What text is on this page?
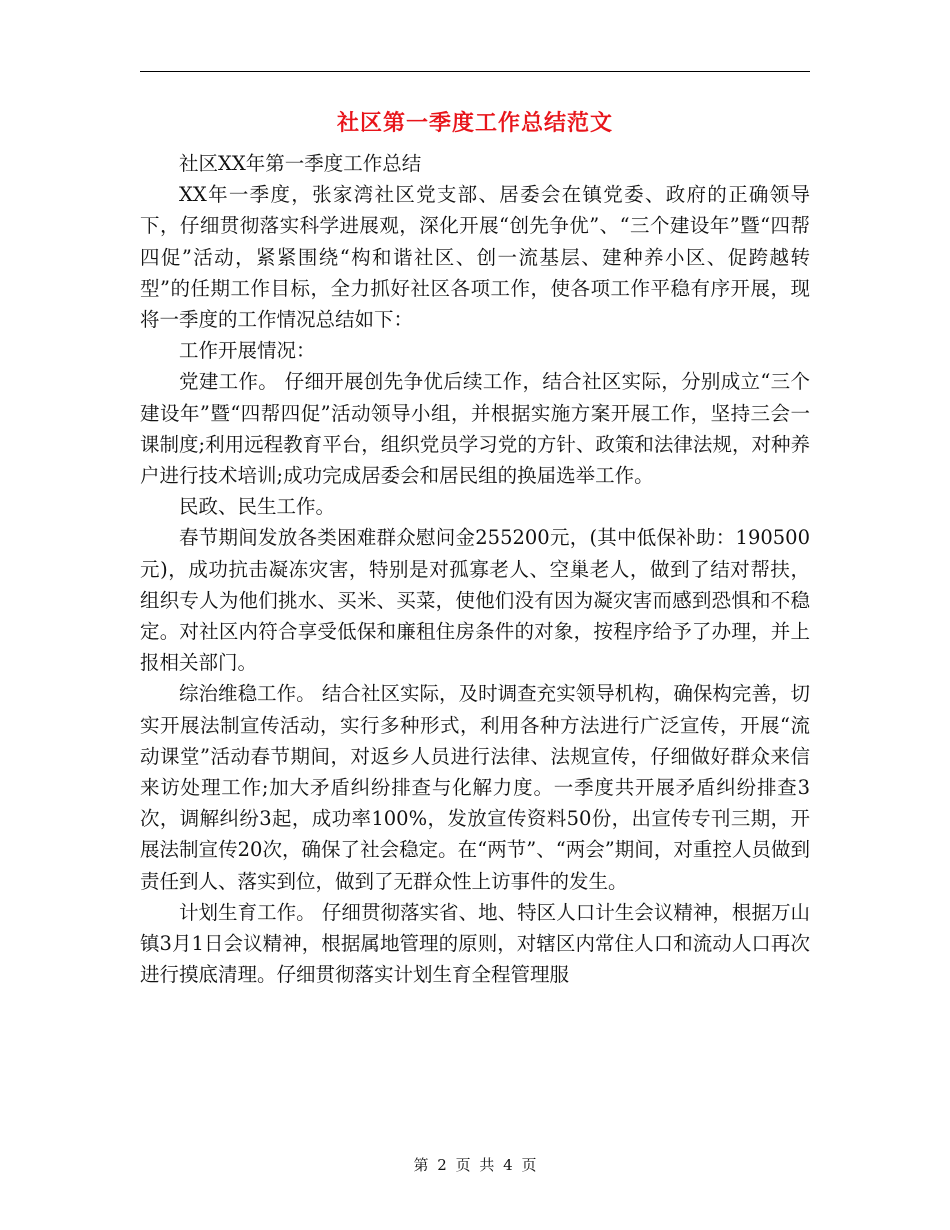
社区第一季度工作总结范文

社区XX年第一季度工作总结

XX年一季度，张家湾社区党支部、居委会在镇党委、政府的正确领导下，仔细贯彻落实科学进展观，深化开展“创先争优”、“三个建设年”暨“四帮四促”活动，紧紧围绕“构和谐社区、创一流基层、建种养小区、促跨越转型”的任期工作目标，全力抓好社区各项工作，使各项工作平稳有序开展，现将一季度的工作情况总结如下：

工作开展情况：

党建工作。 仔细开展创先争优后续工作，结合社区实际，分别成立“三个建设年”暨“四帮四促”活动领导小组，并根据实施方案开展工作，坚持三会一课制度;利用远程教育平台，组织党员学习党的方针、政策和法律法规，对种养户进行技术培训;成功完成居委会和居民组的换届选举工作。

民政、民生工作。

春节期间发放各类困难群众慰问金255200元，(其中低保补助：190500元)，成功抗击凝冻灾害，特别是对孤寡老人、空巢老人，做到了结对帮扶，组织专人为他们挑水、买米、买菜，使他们没有因为凝灾害而感到恐惧和不稳定。对社区内符合享受低保和廉租住房条件的对象，按程序给予了办理，并上报相关部门。

综治维稳工作。 结合社区实际，及时调查充实领导机构，确保构完善，切实开展法制宣传活动，实行多种形式，利用各种方法进行广泛宣传，开展“流动课堂”活动春节期间，对返乡人员进行法律、法规宣传，仔细做好群众来信来访处理工作;加大矛盾纠纷排查与化解力度。一季度共开展矛盾纠纷排查3次，调解纠纷3起，成功率100%，发放宣传资料50份，出宣传专刊三期，开展法制宣传20次，确保了社会稳定。在“两节”、“两会”期间，对重控人员做到责任到人、落实到位，做到了无群众性上访事件的发生。

计划生育工作。 仔细贯彻落实省、地、特区人口计生会议精神，根据万山镇3月1日会议精神，根据属地管理的原则，对辖区内常住人口和流动人口再次进行摸底清理。仔细贯彻落实计划生育全程管理服

第 2 页 共 4 页
